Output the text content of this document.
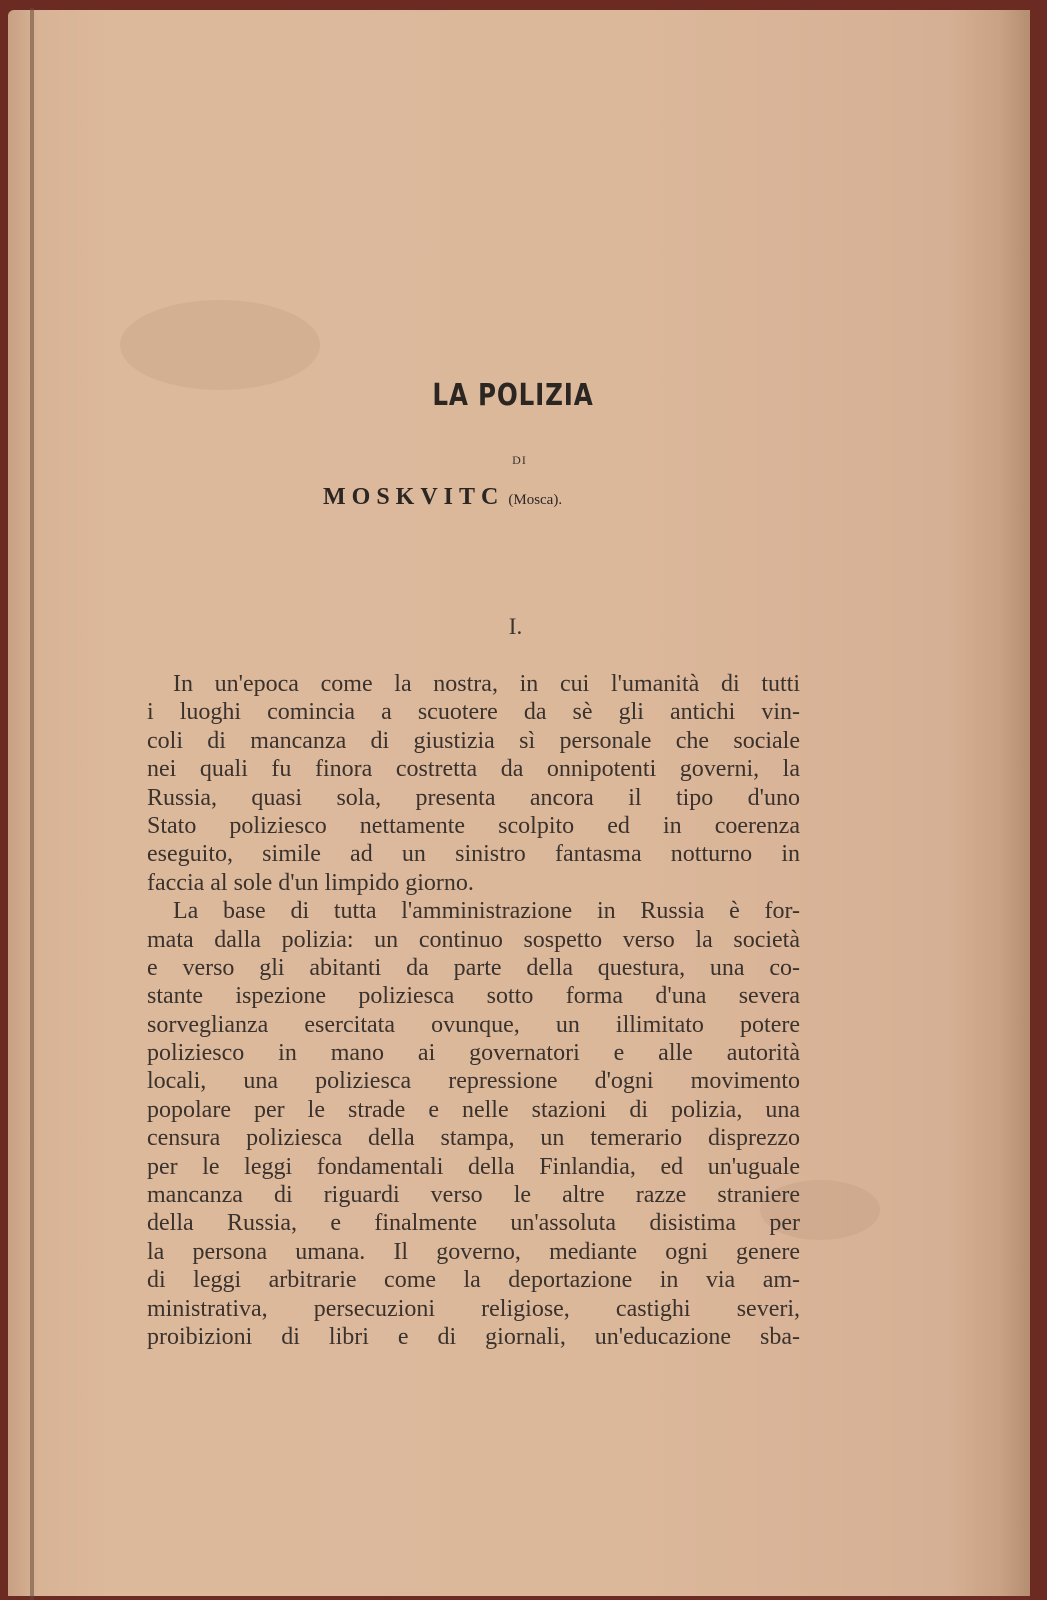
LA POLIZIA
DI
MOSKVITC (Mosca).
I.
In un'epoca come la nostra, in cui l'umanità di tutti
i luoghi comincia a scuotere da sè gli antichi vin-
coli di mancanza di giustizia sì personale che sociale
nei quali fu finora costretta da onnipotenti governi, la
Russia, quasi sola, presenta ancora il tipo d'uno
Stato poliziesco nettamente scolpito ed in coerenza
eseguito, simile ad un sinistro fantasma notturno in
faccia al sole d'un limpido giorno.
La base di tutta l'amministrazione in Russia è for-
mata dalla polizia: un continuo sospetto verso la società
e verso gli abitanti da parte della questura, una co-
stante ispezione poliziesca sotto forma d'una severa
sorveglianza esercitata ovunque, un illimitato potere
poliziesco in mano ai governatori e alle autorità
locali, una poliziesca repressione d'ogni movimento
popolare per le strade e nelle stazioni di polizia, una
censura poliziesca della stampa, un temerario disprezzo
per le leggi fondamentali della Finlandia, ed un'uguale
mancanza di riguardi verso le altre razze straniere
della Russia, e finalmente un'assoluta disistima per
la persona umana. Il governo, mediante ogni genere
di leggi arbitrarie come la deportazione in via am-
ministrativa, persecuzioni religiose, castighi severi,
proibizioni di libri e di giornali, un'educazione sba-
